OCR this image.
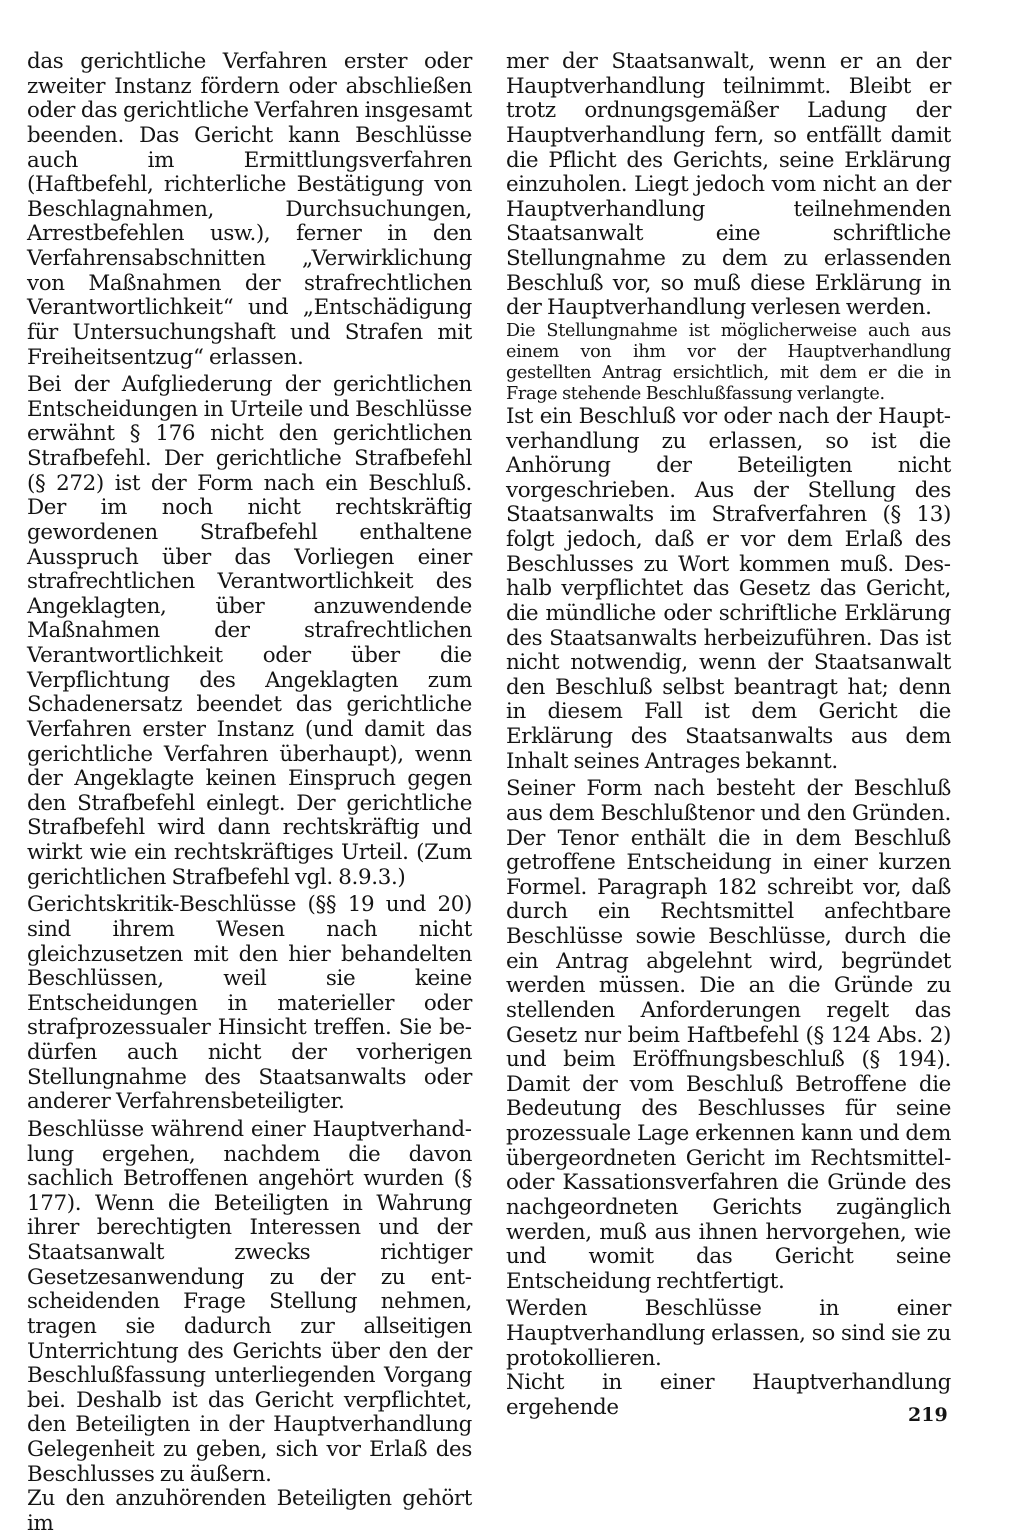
das gerichtliche Verfahren erster oder zweiter Instanz fördern oder abschließen oder das gerichtliche Verfahren insgesamt beenden. Das Gericht kann Beschlüsse auch im Ermittlungsverfahren (Haftbefehl, richterliche Bestätigung von Beschlagnahmen, Durchsuchungen, Arrestbefehlen usw.), ferner in den Verfahrensabschnitten „Verwirklichung von Maßnahmen der strafrechtlichen Verantwortlichkeit“ und „Entschädigung für Untersuchungshaft und Strafen mit Freiheitsentzug“ erlassen.

Bei der Aufgliederung der gerichtlichen Entscheidungen in Urteile und Beschlüsse erwähnt § 176 nicht den gerichtlichen Strafbefehl. Der gerichtliche Strafbefehl (§ 272) ist der Form nach ein Beschluß. Der im noch nicht rechtskräftig gewordenen Strafbefehl enthaltene Ausspruch über das Vorliegen einer strafrechtlichen Verantwortlichkeit des Angeklagten, über anzuwendende Maßnahmen der strafrechtlichen Verantwortlichkeit oder über die Verpflichtung des Angeklagten zum Schadenersatz beendet das gerichtliche Verfahren erster Instanz (und damit das gerichtliche Verfahren überhaupt), wenn der Angeklagte keinen Einspruch gegen den Strafbefehl einlegt. Der gerichtliche Strafbefehl wird dann rechtskräftig und wirkt wie ein rechtskräftiges Urteil. (Zum gerichtlichen Strafbefehl vgl. 8.9.3.)

Gerichtskritik-Beschlüsse (§§ 19 und 20) sind ihrem Wesen nach nicht gleichzusetzen mit den hier behandelten Beschlüssen, weil sie keine Entscheidungen in materieller oder strafprozessualer Hinsicht treffen. Sie bedürfen auch nicht der vorherigen Stellungnahme des Staatsanwalts oder anderer Verfahrensbeteiligter.

Beschlüsse während einer Hauptverhandlung ergehen, nachdem die davon sachlich Betroffenen angehört wurden (§ 177). Wenn die Beteiligten in Wahrung ihrer berechtigten Interessen und der Staatsanwalt zwecks richtiger Gesetzesanwendung zu der zu entscheidenden Frage Stellung nehmen, tragen sie dadurch zur allseitigen Unterrichtung des Gerichts über den der Beschlußfassung unterliegenden Vorgang bei. Deshalb ist das Gericht verpflichtet, den Beteiligten in der Hauptverhandlung Gelegenheit zu geben, sich vor Erlaß des Beschlusses zu äußern.

Zu den anzuhörenden Beteiligten gehört im

mer der Staatsanwalt, wenn er an der Hauptverhandlung teilnimmt. Bleibt er trotz ordnungsgemäßer Ladung der Hauptverhandlung fern, so entfällt damit die Pflicht des Gerichts, seine Erklärung einzuholen. Liegt jedoch vom nicht an der Hauptverhandlung teilnehmenden Staatsanwalt eine schriftliche Stellungnahme zu dem zu erlassenden Beschluß vor, so muß diese Erklärung in der Hauptverhandlung verlesen werden.

Die Stellungnahme ist möglicherweise auch aus einem von ihm vor der Hauptverhandlung gestellten Antrag ersichtlich, mit dem er die in Frage stehende Beschlußfassung verlangte.

Ist ein Beschluß vor oder nach der Hauptverhandlung zu erlassen, so ist die Anhörung der Beteiligten nicht vorgeschrieben. Aus der Stellung des Staatsanwalts im Strafverfahren (§ 13) folgt jedoch, daß er vor dem Erlaß des Beschlusses zu Wort kommen muß. Deshalb verpflichtet das Gesetz das Gericht, die mündliche oder schriftliche Erklärung des Staatsanwalts herbeizuführen. Das ist nicht notwendig, wenn der Staatsanwalt den Beschluß selbst beantragt hat; denn in diesem Fall ist dem Gericht die Erklärung des Staatsanwalts aus dem Inhalt seines Antrages bekannt.

Seiner Form nach besteht der Beschluß aus dem Beschlußtenor und den Gründen. Der Tenor enthält die in dem Beschluß getroffene Entscheidung in einer kurzen Formel. Paragraph 182 schreibt vor, daß durch ein Rechtsmittel anfechtbare Beschlüsse sowie Beschlüsse, durch die ein Antrag abgelehnt wird, begründet werden müssen. Die an die Gründe zu stellenden Anforderungen regelt das Gesetz nur beim Haftbefehl (§ 124 Abs. 2) und beim Eröffnungsbeschluß (§ 194). Damit der vom Beschluß Betroffene die Bedeutung des Beschlusses für seine prozessuale Lage erkennen kann und dem übergeordneten Gericht im Rechtsmittel- oder Kassationsverfahren die Gründe des nachgeordneten Gerichts zugänglich werden, muß aus ihnen hervorgehen, wie und womit das Gericht seine Entscheidung rechtfertigt.

Werden Beschlüsse in einer Hauptverhandlung erlassen, so sind sie zu protokollieren.

Nicht in einer Hauptverhandlung ergehende	219
